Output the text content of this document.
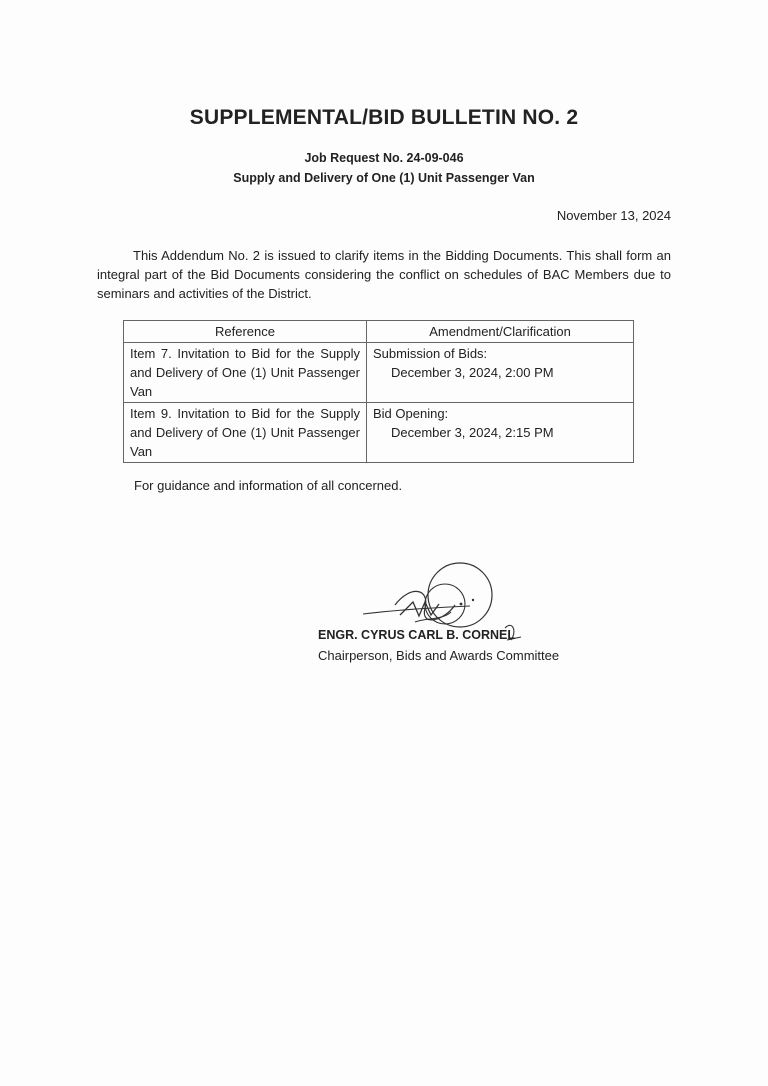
SUPPLEMENTAL/BID BULLETIN NO. 2
Job Request No. 24-09-046
Supply and Delivery of One (1) Unit Passenger Van
November 13, 2024

This Addendum No. 2 is issued to clarify items in the Bidding Documents. This shall form an integral part of the Bid Documents considering the conflict on schedules of BAC Members due to seminars and activities of the District.

Reference	Amendment/Clarification
Item 7. Invitation to Bid for the Supply and Delivery of One (1) Unit Passenger Van	Submission of Bids:
December 3, 2024, 2:00 PM

Item 9. Invitation to Bid for the Supply and Delivery of One (1) Unit Passenger Van	Bid Opening:
December 3, 2024, 2:15 PM
For guidance and information of all concerned.
ENGR. CYRUS CARL B. CORNEL
Chairperson, Bids and Awards Committee
